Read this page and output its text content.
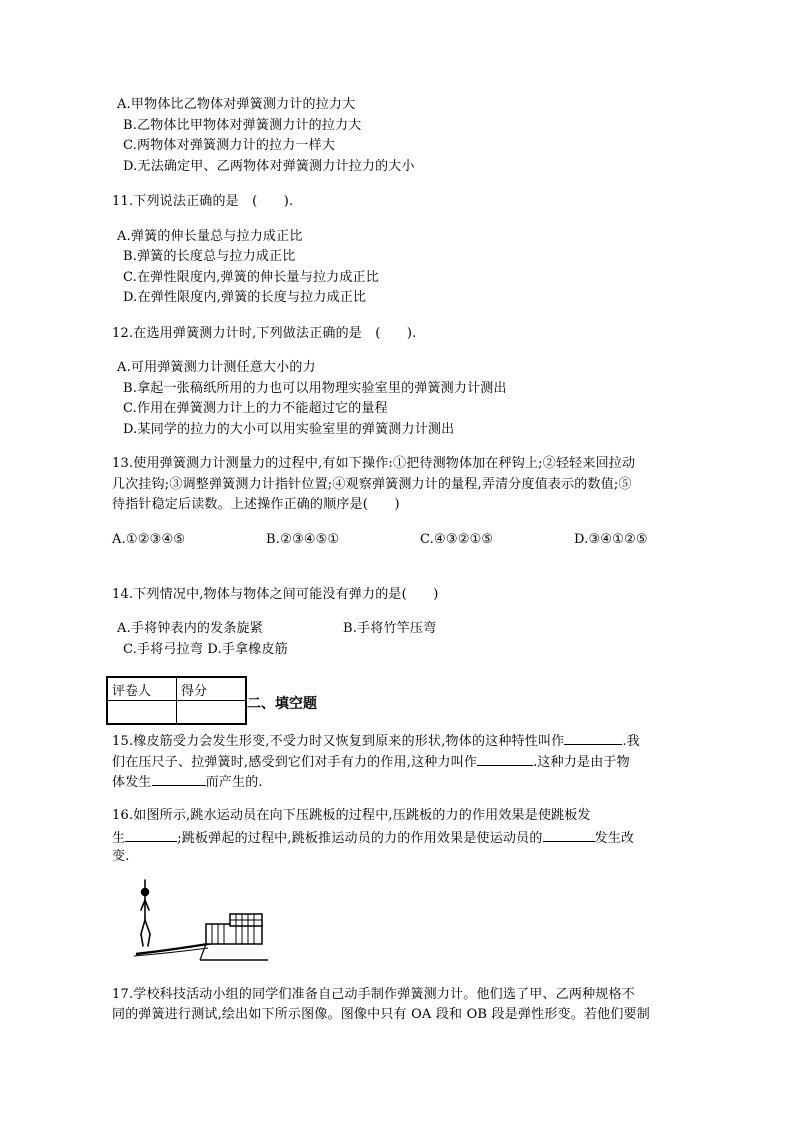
A.甲物体比乙物体对弹簧测力计的拉力大
B.乙物体比甲物体对弹簧测力计的拉力大
C.两物体对弹簧测力计的拉力一样大
D.无法确定甲、乙两物体对弹簧测力计拉力的大小
11.下列说法正确的是　(　　).
A.弹簧的伸长量总与拉力成正比
B.弹簧的长度总与拉力成正比
C.在弹性限度内,弹簧的伸长量与拉力成正比
D.在弹性限度内,弹簧的长度与拉力成正比
12.在选用弹簧测力计时,下列做法正确的是　(　　).
A.可用弹簧测力计测任意大小的力
B.拿起一张稿纸所用的力也可以用物理实验室里的弹簧测力计测出
C.作用在弹簧测力计上的力不能超过它的量程
D.某同学的拉力的大小可以用实验室里的弹簧测力计测出
13.使用弹簧测力计测量力的过程中,有如下操作:①把待测物体加在秤钩上;②轻轻来回拉动
几次挂钩;③调整弹簧测力计指针位置;④观察弹簧测力计的量程,弄清分度值表示的数值;⑤
待指针稳定后读数。上述操作正确的顺序是(　　)
A.①②③④⑤	B.②③④⑤①	C.④③②①⑤	D.③④①②⑤
14.下列情况中,物体与物体之间可能没有弹力的是(　　)
A.手将钟表内的发条旋紧	B.手将竹竿压弯
C.手将弓拉弯 D.手拿橡皮筋
评卷人	得分

二、填空题
15.橡皮筋受力会发生形变,不受力时又恢复到原来的形状,物体的这种特性叫作	.我
们在压尺子、拉弹簧时,感受到它们对手有力的作用,这种力叫作	.这种力是由于物
体发生	而产生的.
16.如图所示,跳水运动员在向下压跳板的过程中,压跳板的力的作用效果是使跳板发
生	;跳板弹起的过程中,跳板推运动员的力的作用效果是使运动员的	发生改
变.
17.学校科技活动小组的同学们准备自己动手制作弹簧测力计。他们选了甲、乙两种规格不
同的弹簧进行测试,绘出如下所示图像。图像中只有 OA 段和 OB 段是弹性形变。若他们要制
